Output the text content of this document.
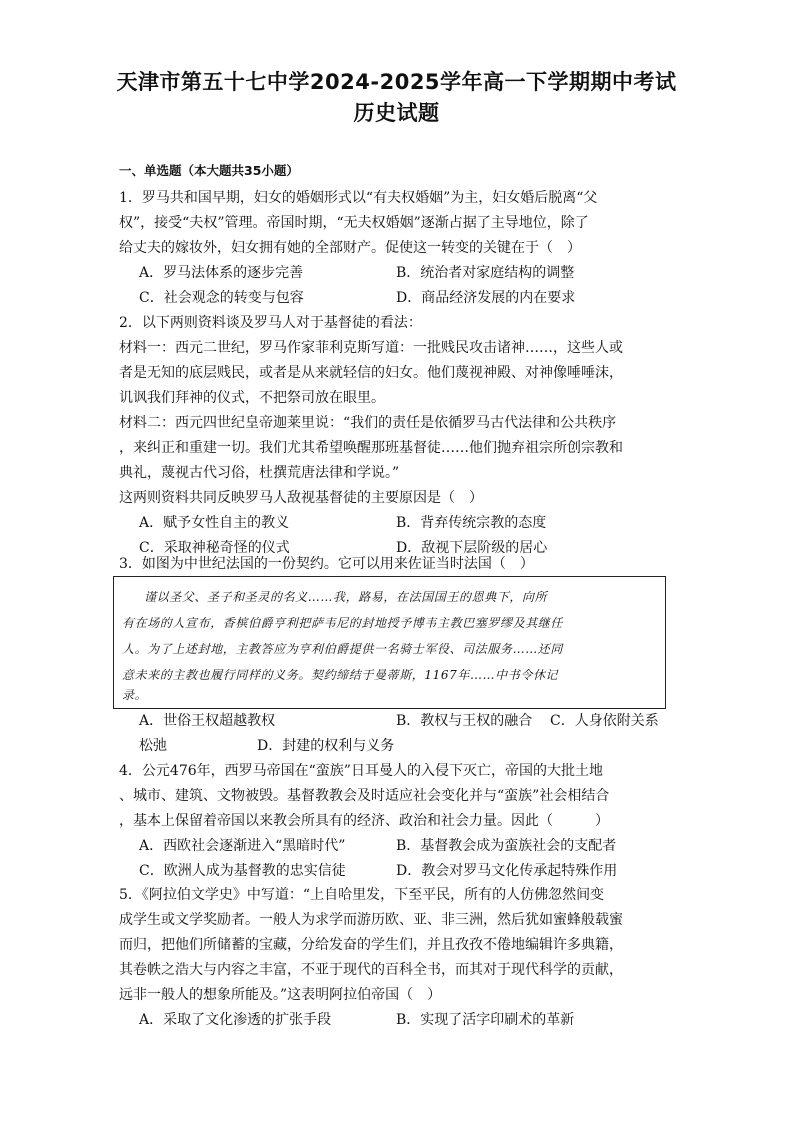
天津市第五十七中学2024-2025学年高一下学期期中考试
历史试题
一、单选题（本大题共35小题）
1．罗马共和国早期，妇女的婚姻形式以“有夫权婚姻”为主，妇女婚后脱离“父
权”，接受“夫权”管理。帝国时期，“无夫权婚姻”逐渐占据了主导地位，除了
给丈夫的嫁妆外，妇女拥有她的全部财产。促使这一转变的关键在于（　）
A．罗马法体系的逐步完善	B．统治者对家庭结构的调整
C．社会观念的转变与包容	D．商品经济发展的内在要求
2．以下两则资料谈及罗马人对于基督徒的看法：
材料一：西元二世纪，罗马作家菲利克斯写道：一批贱民攻击诸神……，这些人或
者是无知的底层贱民，或者是从来就轻信的妇女。他们蔑视神殿、对神像唾唾沫，
讥讽我们拜神的仪式，不把祭司放在眼里。
材料二：西元四世纪皇帝迦莱里说：“我们的责任是依循罗马古代法律和公共秩序
，来纠正和重建一切。我们尤其希望唤醒那班基督徒……他们抛弃祖宗所创宗教和
典礼，蔑视古代习俗，杜撰荒唐法律和学说。”
这两则资料共同反映罗马人敌视基督徒的主要原因是（　）
A．赋予女性自主的教义	B．背弃传统宗教的态度
C．采取神秘奇怪的仪式	D．敌视下层阶级的居心
3．如图为中世纪法国的一份契约。它可以用来佐证当时法国（　）
谨以圣父、圣子和圣灵的名义……我，路易，在法国国王的恩典下，向所
有在场的人宣布，香槟伯爵亨利把萨韦尼的封地授予博韦主教巴塞罗缪及其继任
人。为了上述封地，主教答应为亨利伯爵提供一名骑士军役、司法服务……还同
意未来的主教也履行同样的义务。契约缔结于曼蒂斯，1167年……中书令休记
录。
A．世俗王权超越教权	B．教权与王权的融合 C．人身依附关系
松弛	D．封建的权利与义务
4．公元476年，西罗马帝国在“蛮族”日耳曼人的入侵下灭亡，帝国的大批土地
、城市、建筑、文物被毁。基督教教会及时适应社会变化并与“蛮族”社会相结合
，基本上保留着帝国以来教会所具有的经济、政治和社会力量。因此（　　　）
A．西欧社会逐渐进入“黑暗时代”	B．基督教会成为蛮族社会的支配者
C．欧洲人成为基督教的忠实信徒	D．教会对罗马文化传承起特殊作用
5．《阿拉伯文学史》中写道：“上自哈里发，下至平民，所有的人仿佛忽然间变
成学生或文学奖励者。一般人为求学而游历欧、亚、非三洲，然后犹如蜜蜂般载蜜
而归，把他们所储蓄的宝藏，分给发奋的学生们，并且孜孜不倦地编辑许多典籍，
其卷帙之浩大与内容之丰富，不亚于现代的百科全书，而其对于现代科学的贡献，
远非一般人的想象所能及。”这表明阿拉伯帝国（　）
A．采取了文化渗透的扩张手段	B．实现了活字印刷术的革新
